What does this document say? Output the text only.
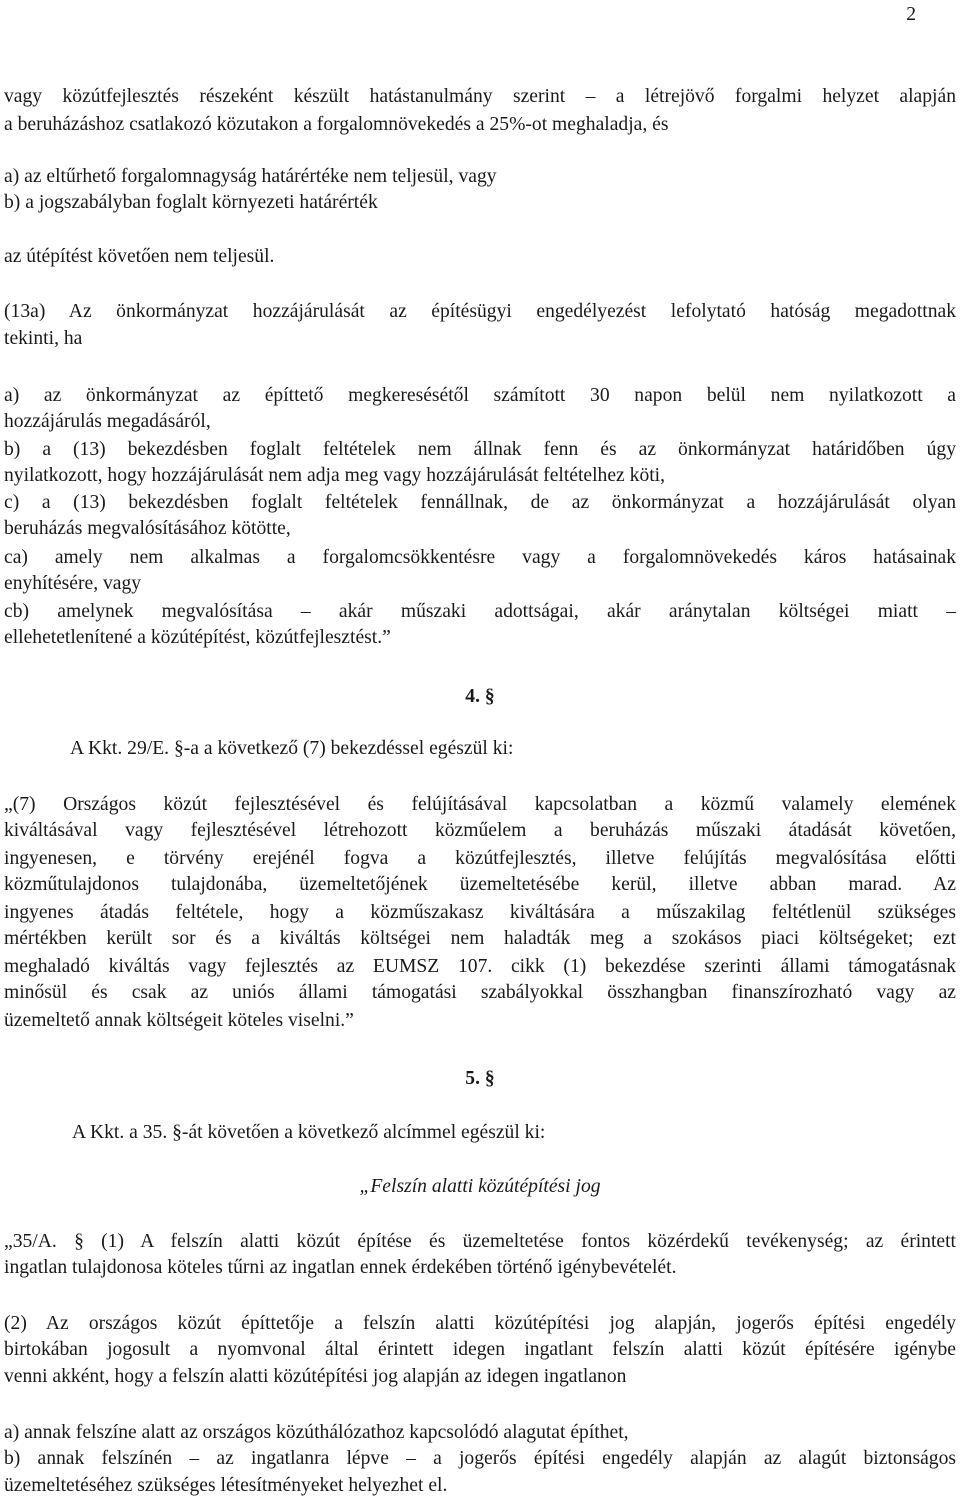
2
vagy közútfejlesztés részeként készült hatástanulmány szerint – a létrejövő forgalmi helyzet alapján
a beruházáshoz csatlakozó közutakon a forgalomnövekedés a 25%-ot meghaladja, és
a) az eltűrhető forgalomnagyság határértéke nem teljesül, vagy
b) a jogszabályban foglalt környezeti határérték
az útépítést követően nem teljesül.
(13a) Az önkormányzat hozzájárulását az építésügyi engedélyezést lefolytató hatóság megadottnak
tekinti, ha
a) az önkormányzat az építtető megkeresésétől számított 30 napon belül nem nyilatkozott a
hozzájárulás megadásáról,
b) a (13) bekezdésben foglalt feltételek nem állnak fenn és az önkormányzat határidőben úgy
nyilatkozott, hogy hozzájárulását nem adja meg vagy hozzájárulását feltételhez köti,
c) a (13) bekezdésben foglalt feltételek fennállnak, de az önkormányzat a hozzájárulását olyan
beruházás megvalósításához kötötte,
ca) amely nem alkalmas a forgalomcsökkentésre vagy a forgalomnövekedés káros hatásainak
enyhítésére, vagy
cb) amelynek megvalósítása – akár műszaki adottságai, akár aránytalan költségei miatt –
ellehetetlenítené a közútépítést, közútfejlesztést.”
4. §
A Kkt. 29/E. §-a a következő (7) bekezdéssel egészül ki:
„(7) Országos közút fejlesztésével és felújításával kapcsolatban a közmű valamely elemének
kiváltásával vagy fejlesztésével létrehozott közműelem a beruházás műszaki átadását követően,
ingyenesen, e törvény erejénél fogva a közútfejlesztés, illetve felújítás megvalósítása előtti
közműtulajdonos tulajdonába, üzemeltetőjének üzemeltetésébe kerül, illetve abban marad. Az
ingyenes átadás feltétele, hogy a közműszakasz kiváltására a műszakilag feltétlenül szükséges
mértékben került sor és a kiváltás költségei nem haladták meg a szokásos piaci költségeket; ezt
meghaladó kiváltás vagy fejlesztés az EUMSZ 107. cikk (1) bekezdése szerinti állami támogatásnak
minősül és csak az uniós állami támogatási szabályokkal összhangban finanszírozható vagy az
üzemeltető annak költségeit köteles viselni.”
5. §
A Kkt. a 35. §-át követően a következő alcímmel egészül ki:
„Felszín alatti közútépítési jog
„35/A. § (1) A felszín alatti közút építése és üzemeltetése fontos közérdekű tevékenység; az érintett
ingatlan tulajdonosa köteles tűrni az ingatlan ennek érdekében történő igénybevételét.
(2) Az országos közút építtetője a felszín alatti közútépítési jog alapján, jogerős építési engedély
birtokában jogosult a nyomvonal által érintett idegen ingatlant felszín alatti közút építésére igénybe
venni akként, hogy a felszín alatti közútépítési jog alapján az idegen ingatlanon
a) annak felszíne alatt az országos közúthálózathoz kapcsolódó alagutat építhet,
b) annak felszínén – az ingatlanra lépve – a jogerős építési engedély alapján az alagút biztonságos
üzemeltetéséhez szükséges létesítményeket helyezhet el.
